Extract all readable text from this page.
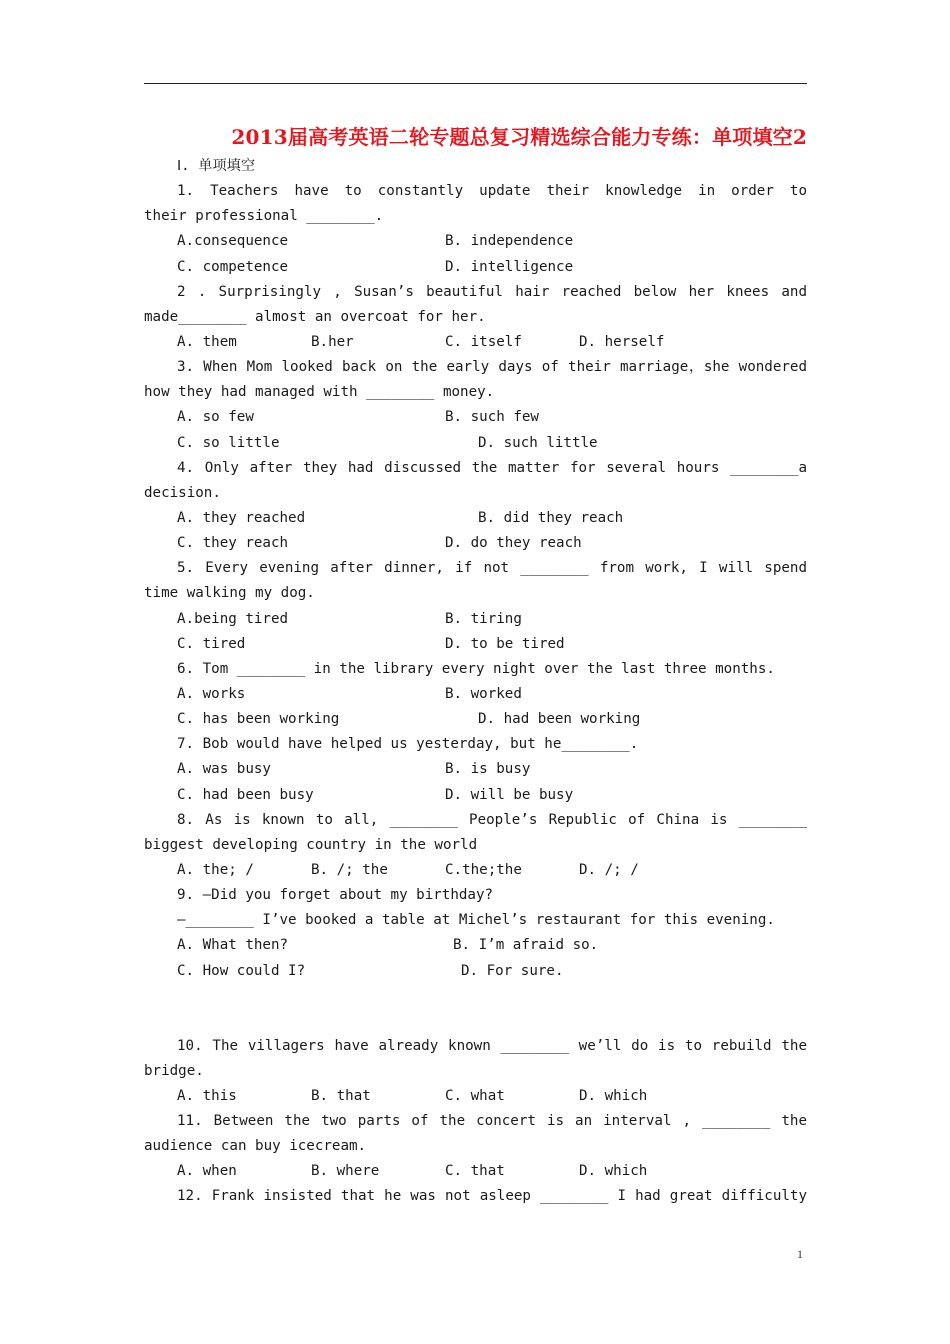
2013届高考英语二轮专题总复习精选综合能力专练：单项填空2
Ⅰ. 单项填空
1. Teachers have to constantly update their knowledge in order to
their professional ________.
A.consequence	B. independence
C. competence	D. intelligence
2 . Surprisingly , Susan’s beautiful hair reached below her knees and
made________ almost an overcoat for her.
A. them	B.her	C. itself	D. herself
3. When Mom looked back on the early days of their marriage，she wondered
how they had managed with ________ money.
A. so few	B. such few
C. so little	D. such little
4. Only after they had discussed the matter for several hours ________a
decision.
A. they reached	B. did they reach
C. they reach	D. do they reach
5. Every evening after dinner, if not ________ from work, I will spend
time walking my dog.
A.being tired	B. tiring
C. tired	D. to be tired
6. Tom ________ in the library every night over the last three months.
A. works	B. worked
C. has been working	D. had been working
7. Bob would have helped us yesterday, but he________.
A. was busy	B. is busy
C. had been busy	D. will be busy
8. As is known to all, ________ People’s Republic of China is ________
biggest developing country in the world
A. the; /	B. /; the	C.the;the	D. /; /
9. —Did you forget about my birthday?
—________ I’ve booked a table at Michel’s restaurant for this evening.
A. What then?	B. I’m afraid so.
C. How could I?	D. For sure.
10. The villagers have already known ________ we’ll do is to rebuild the
bridge.
A. this	B. that	C. what	D. which
11. Between the two parts of the concert is an interval , ________ the
audience can buy icecream.
A. when	B. where	C. that	D. which
12. Frank insisted that he was not asleep ________ I had great difficulty
1
